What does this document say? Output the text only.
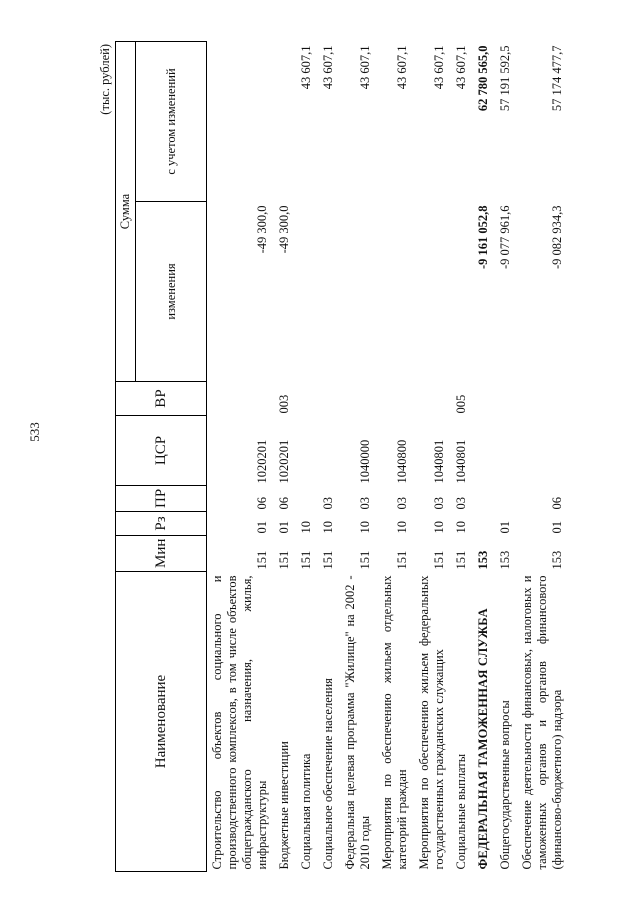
533
(тыс. рублей)
Наименование	Мин	Рз	ПР	ЦСР	ВР	Сумма	
						изменения	с учетом изменений
Строительство объектов социального и производственного комплексов, в том числе объектов общегражданского назначения, жилья, инфраструктуры	151	01	06	1020201		-49 300,0	
Бюджетные инвестиции	151	01	06	1020201	003	-49 300,0	
Социальная политика	151	10					43 607,1
Социальное обеспечение населения	151	10	03				43 607,1
Федеральная целевая программа "Жилище" на 2002 - 2010 годы	151	10	03	1040000			43 607,1
Мероприятия по обеспечению жильем отдельных категорий граждан	151	10	03	1040800			43 607,1
Мероприятия по обеспечению жильем федеральных государственных гражданских служащих	151	10	03	1040801			43 607,1
Социальные выплаты	151	10	03	1040801	005		43 607,1
ФЕДЕРАЛЬНАЯ ТАМОЖЕННАЯ СЛУЖБА	153					-9 161 052,8	62 780 565,0
Общегосударственные вопросы	153	01				-9 077 961,6	57 191 592,5
Обеспечение деятельности финансовых, налоговых и таможенных органов и органов финансового (финансово-бюджетного) надзора	153	01	06			-9 082 934,3	57 174 477,7
